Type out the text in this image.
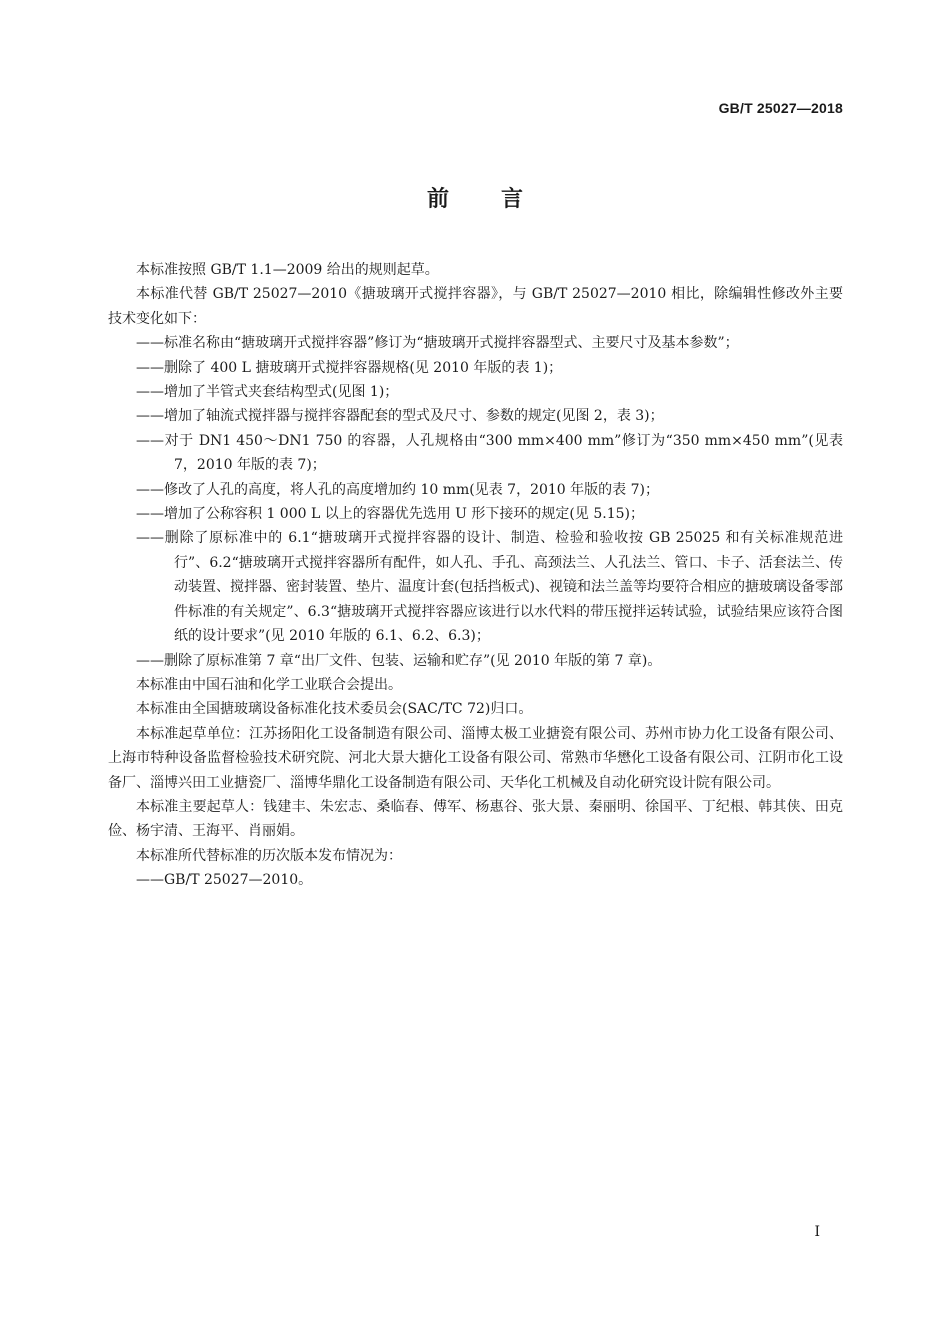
GB/T 25027—2018
前言

本标准按照 GB/T 1.1—2009 给出的规则起草。

本标准代替 GB/T 25027—2010《搪玻璃开式搅拌容器》，与 GB/T 25027—2010 相比，除编辑性修改外主要技术变化如下：

——标准名称由“搪玻璃开式搅拌容器”修订为“搪玻璃开式搅拌容器型式、主要尺寸及基本参数”；

——删除了 400 L 搪玻璃开式搅拌容器规格(见 2010 年版的表 1)；

——增加了半管式夹套结构型式(见图 1)；

——增加了轴流式搅拌器与搅拌容器配套的型式及尺寸、参数的规定(见图 2，表 3)；

——对于 DN1 450～DN1 750 的容器，人孔规格由“300 mm×400 mm”修订为“350 mm×450 mm”(见表 7，2010 年版的表 7)；

——修改了人孔的高度，将人孔的高度增加约 10 mm(见表 7，2010 年版的表 7)；

——增加了公称容积 1 000 L 以上的容器优先选用 U 形下接环的规定(见 5.15)；

——删除了原标准中的 6.1“搪玻璃开式搅拌容器的设计、制造、检验和验收按 GB 25025 和有关标准规范进行”、6.2“搪玻璃开式搅拌容器所有配件，如人孔、手孔、高颈法兰、人孔法兰、管口、卡子、活套法兰、传动装置、搅拌器、密封装置、垫片、温度计套(包括挡板式)、视镜和法兰盖等均要符合相应的搪玻璃设备零部件标准的有关规定”、6.3“搪玻璃开式搅拌容器应该进行以水代料的带压搅拌运转试验，试验结果应该符合图纸的设计要求”(见 2010 年版的 6.1、6.2、6.3)；

——删除了原标准第 7 章“出厂文件、包装、运输和贮存”(见 2010 年版的第 7 章)。

本标准由中国石油和化学工业联合会提出。

本标准由全国搪玻璃设备标准化技术委员会(SAC/TC 72)归口。

本标准起草单位：江苏扬阳化工设备制造有限公司、淄博太极工业搪瓷有限公司、苏州市协力化工设备有限公司、上海市特种设备监督检验技术研究院、河北大景大搪化工设备有限公司、常熟市华懋化工设备有限公司、江阴市化工设备厂、淄博兴田工业搪瓷厂、淄博华鼎化工设备制造有限公司、天华化工机械及自动化研究设计院有限公司。

本标准主要起草人：钱建丰、朱宏志、桑临春、傅军、杨惠谷、张大景、秦丽明、徐国平、丁纪根、韩其侠、田克俭、杨宇清、王海平、肖丽娟。

本标准所代替标准的历次版本发布情况为：

——GB/T 25027—2010。

I
